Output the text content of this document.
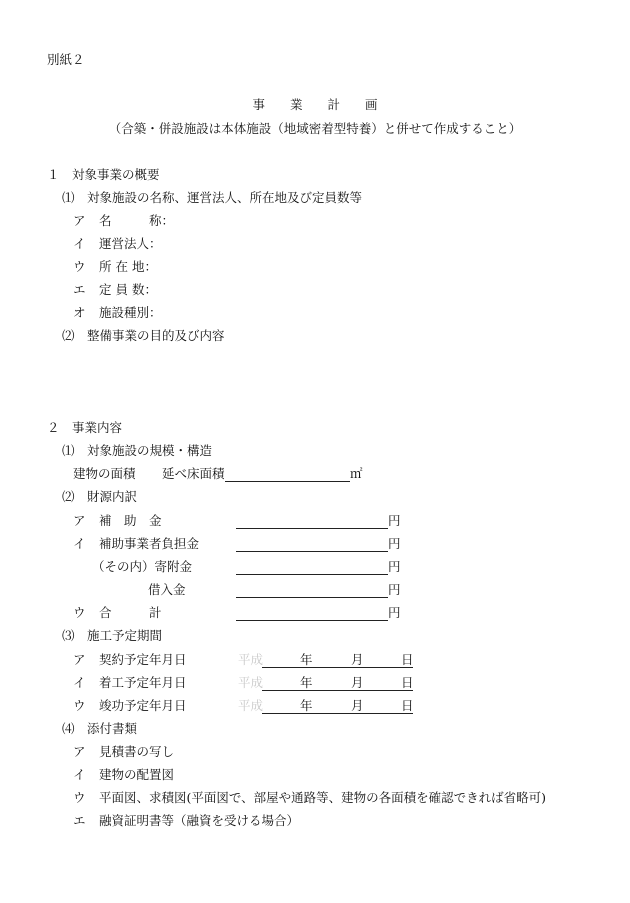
別紙２
事　　業　　計　　画
（合築・併設施設は本体施設（地域密着型特養）と併せて作成すること）
１　対象事業の概要
⑴　対象施設の名称、運営法人、所在地及び定員数等
ア 名　　　称：
イ 運営法人：
ウ 所 在 地：
エ 定 員 数：
オ 施設種別：
⑵　整備事業の目的及び内容
２　事業内容
⑴　対象施設の規模・構造
建物の面積 延べ床面積	㎡
⑵　財源内訳
ア 補　助　金	円
イ 補助事業者負担金	円
（その内）寄附金	円
借入金	円
ウ 合　　　計	円
⑶　施工予定期間
ア 契約予定年月日	平成	年	月	日
イ 着工予定年月日	平成	年	月	日
ウ 竣功予定年月日	平成	年	月	日
⑷　添付書類
ア 見積書の写し
イ 建物の配置図
ウ 平面図、求積図(平面図で、部屋や通路等、建物の各面積を確認できれば省略可)
エ 融資証明書等（融資を受ける場合）
